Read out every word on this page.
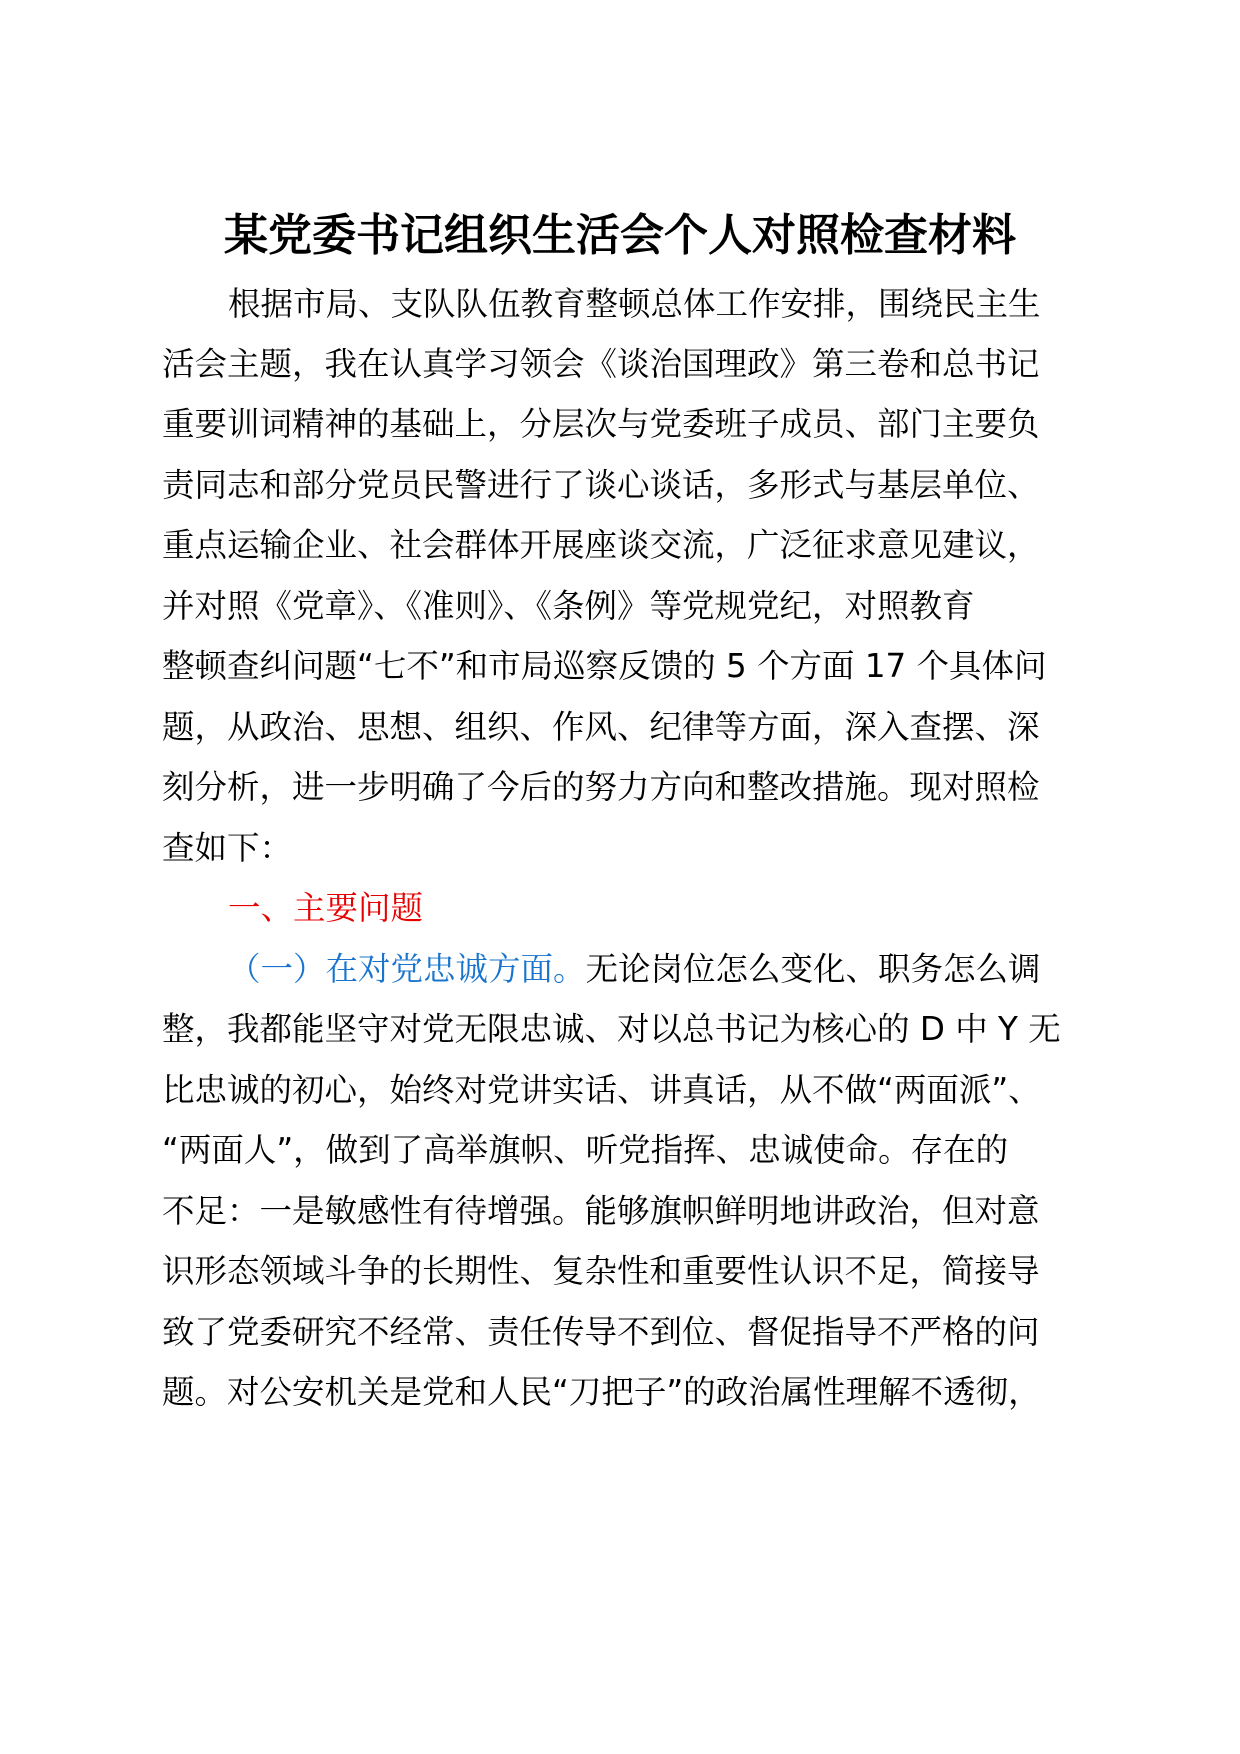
某党委书记组织生活会个人对照检查材料
根据市局、支队队伍教育整顿总体工作安排，围绕民主生
活会主题，我在认真学习领会《谈治国理政》第三卷和总书记
重要训词精神的基础上，分层次与党委班子成员、部门主要负
责同志和部分党员民警进行了谈心谈话，多形式与基层单位、
重点运输企业、社会群体开展座谈交流，广泛征求意见建议，
并对照《党章》、《准则》、《条例》等党规党纪，对照教育
整顿查纠问题“七不”和市局巡察反馈的 5 个方面 17 个具体问
题，从政治、思想、组织、作风、纪律等方面，深入查摆、深
刻分析，进一步明确了今后的努力方向和整改措施。现对照检
查如下：
一、主要问题
（一）在对党忠诚方面。无论岗位怎么变化、职务怎么调
整，我都能坚守对党无限忠诚、对以总书记为核心的 D 中 Y 无
比忠诚的初心，始终对党讲实话、讲真话，从不做“两面派”、
“两面人”，做到了高举旗帜、听党指挥、忠诚使命。存在的
不足：一是敏感性有待增强。能够旗帜鲜明地讲政治，但对意
识形态领域斗争的长期性、复杂性和重要性认识不足，简接导
致了党委研究不经常、责任传导不到位、督促指导不严格的问
题。对公安机关是党和人民“刀把子”的政治属性理解不透彻，
